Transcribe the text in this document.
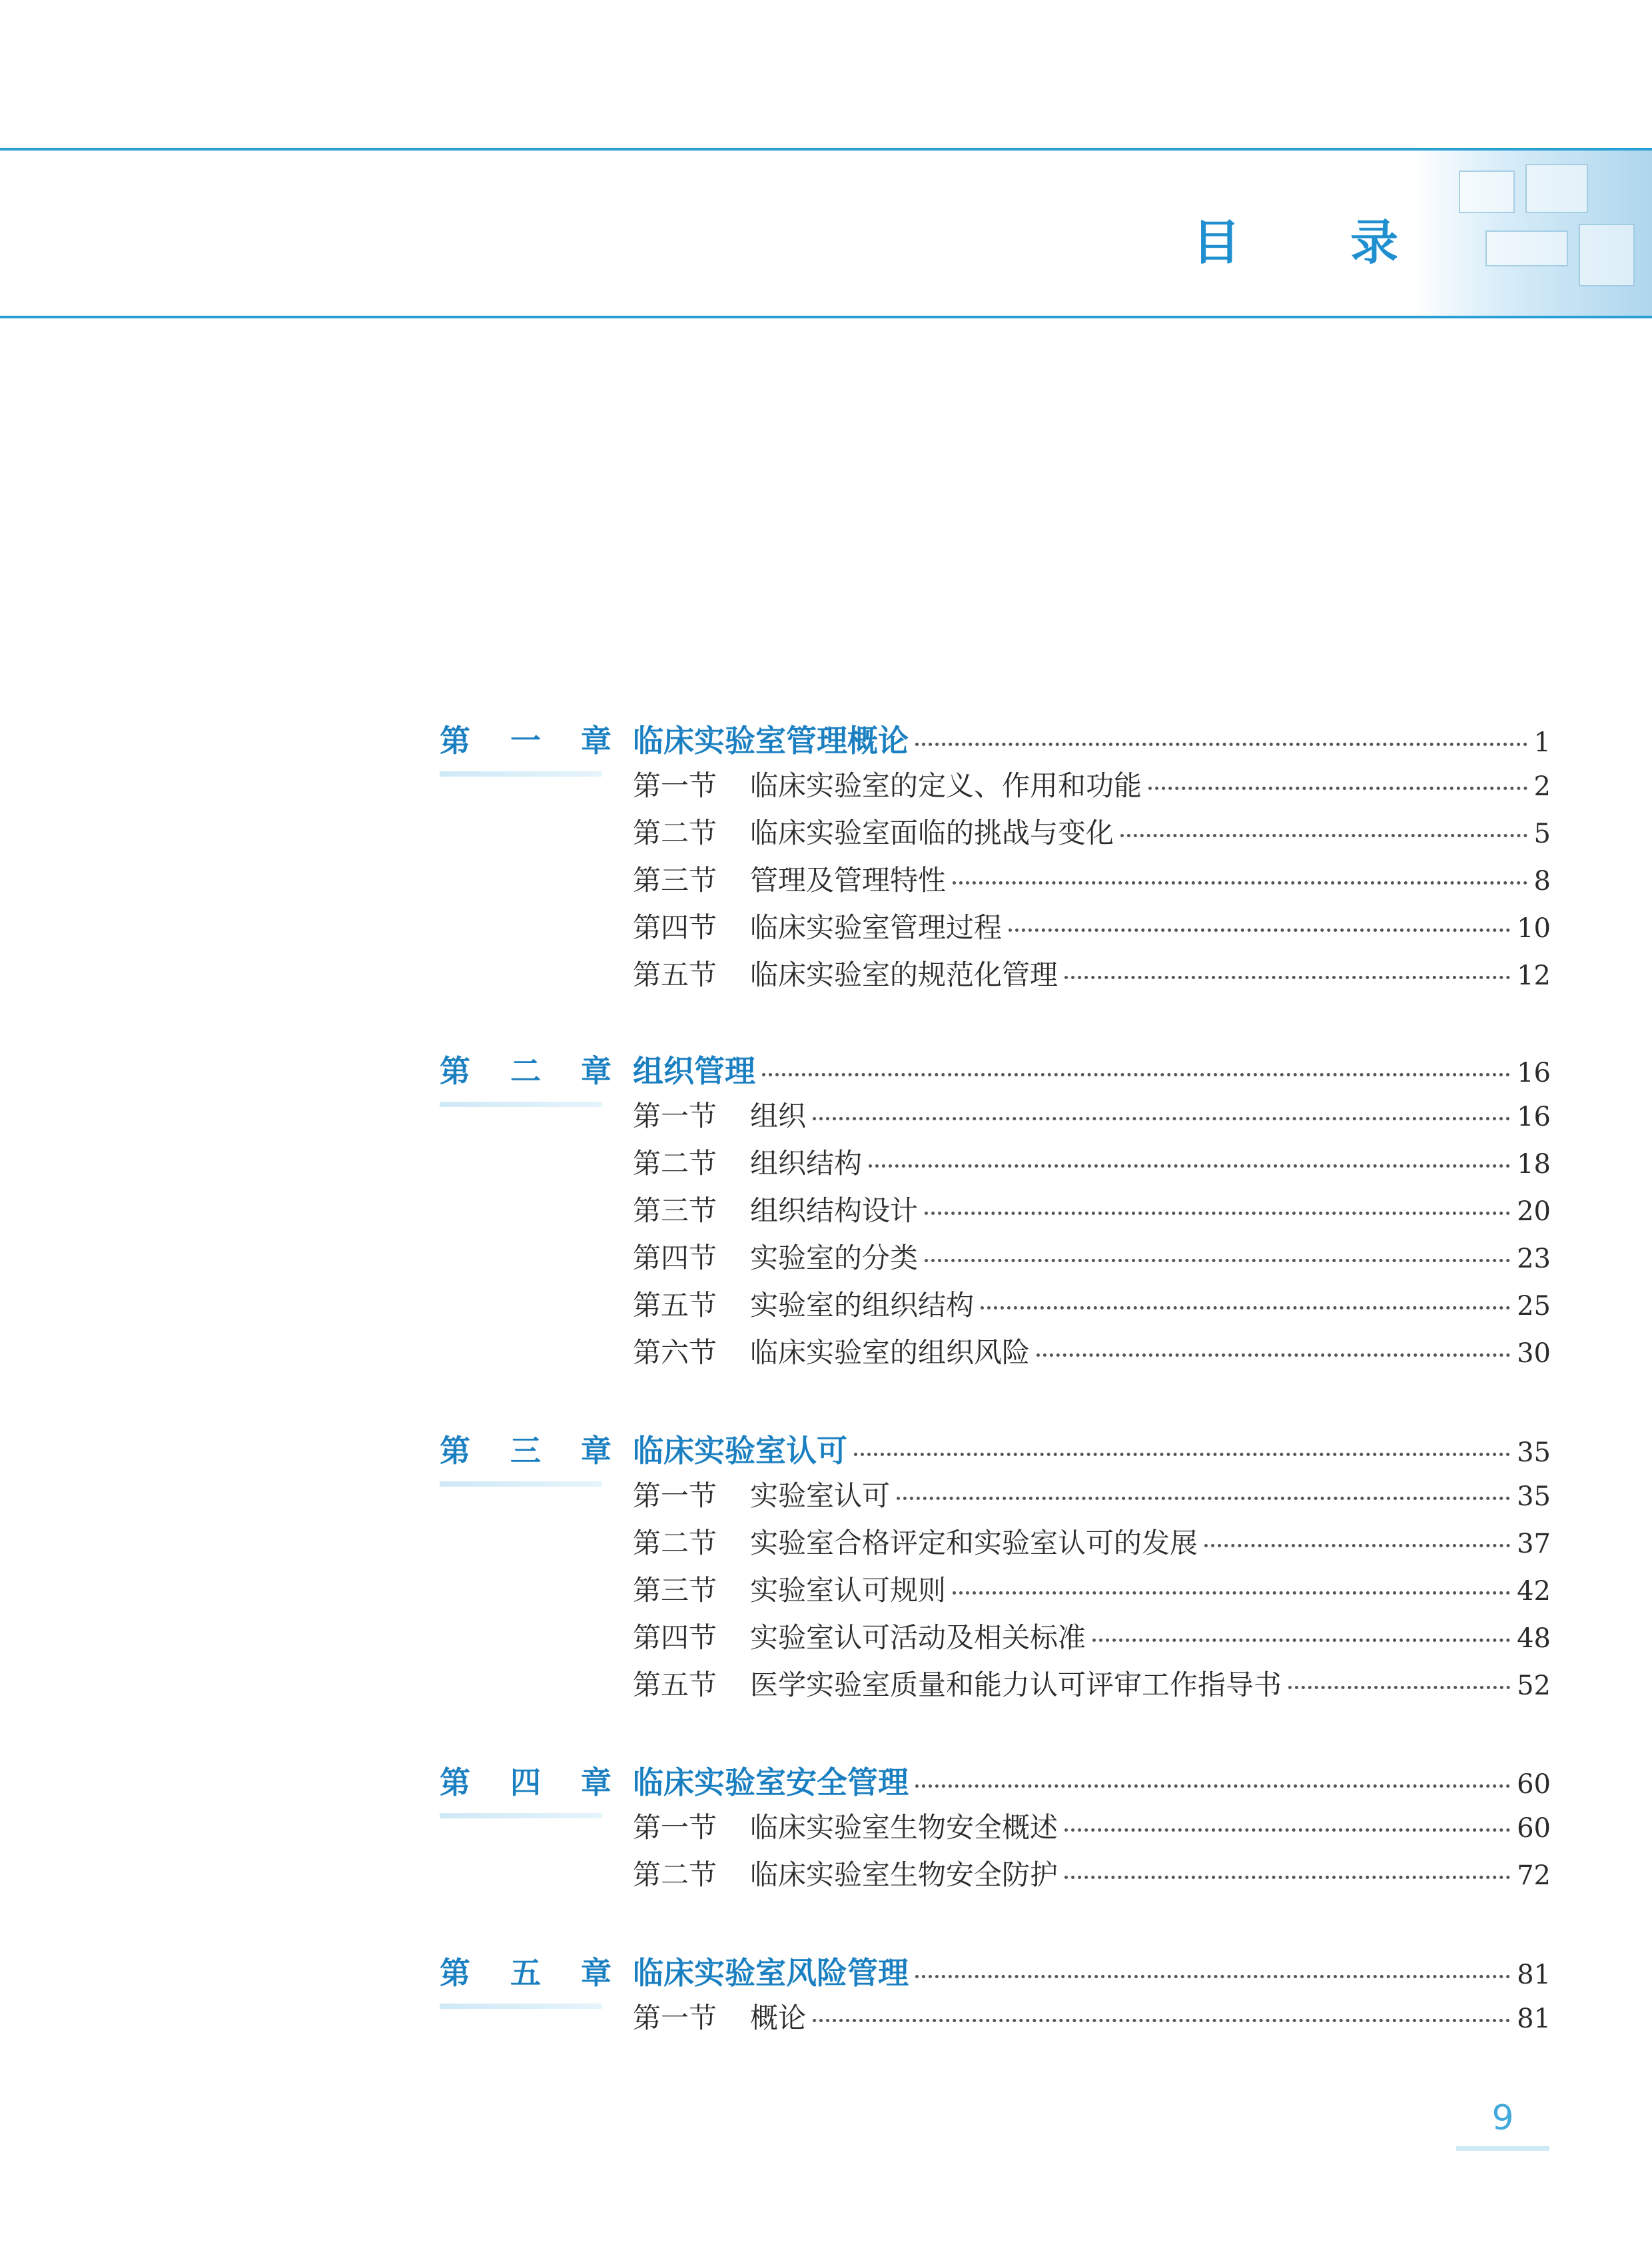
目 录
第 一 章 临床实验室管理概论	1
第一节	临床实验室的定义、作用和功能	2
第二节	临床实验室面临的挑战与变化	5
第三节	管理及管理特性	8
第四节	临床实验室管理过程	10
第五节	临床实验室的规范化管理	12
第 二 章 组织管理	16
第一节	组织	16
第二节	组织结构	18
第三节	组织结构设计	20
第四节	实验室的分类	23
第五节	实验室的组织结构	25
第六节	临床实验室的组织风险	30
第 三 章 临床实验室认可	35
第一节	实验室认可	35
第二节	实验室合格评定和实验室认可的发展	37
第三节	实验室认可规则	42
第四节	实验室认可活动及相关标准	48
第五节	医学实验室质量和能力认可评审工作指导书	52
第 四 章 临床实验室安全管理	60
第一节	临床实验室生物安全概述	60
第二节	临床实验室生物安全防护	72
第 五 章 临床实验室风险管理	81
第一节	概论	81
9
